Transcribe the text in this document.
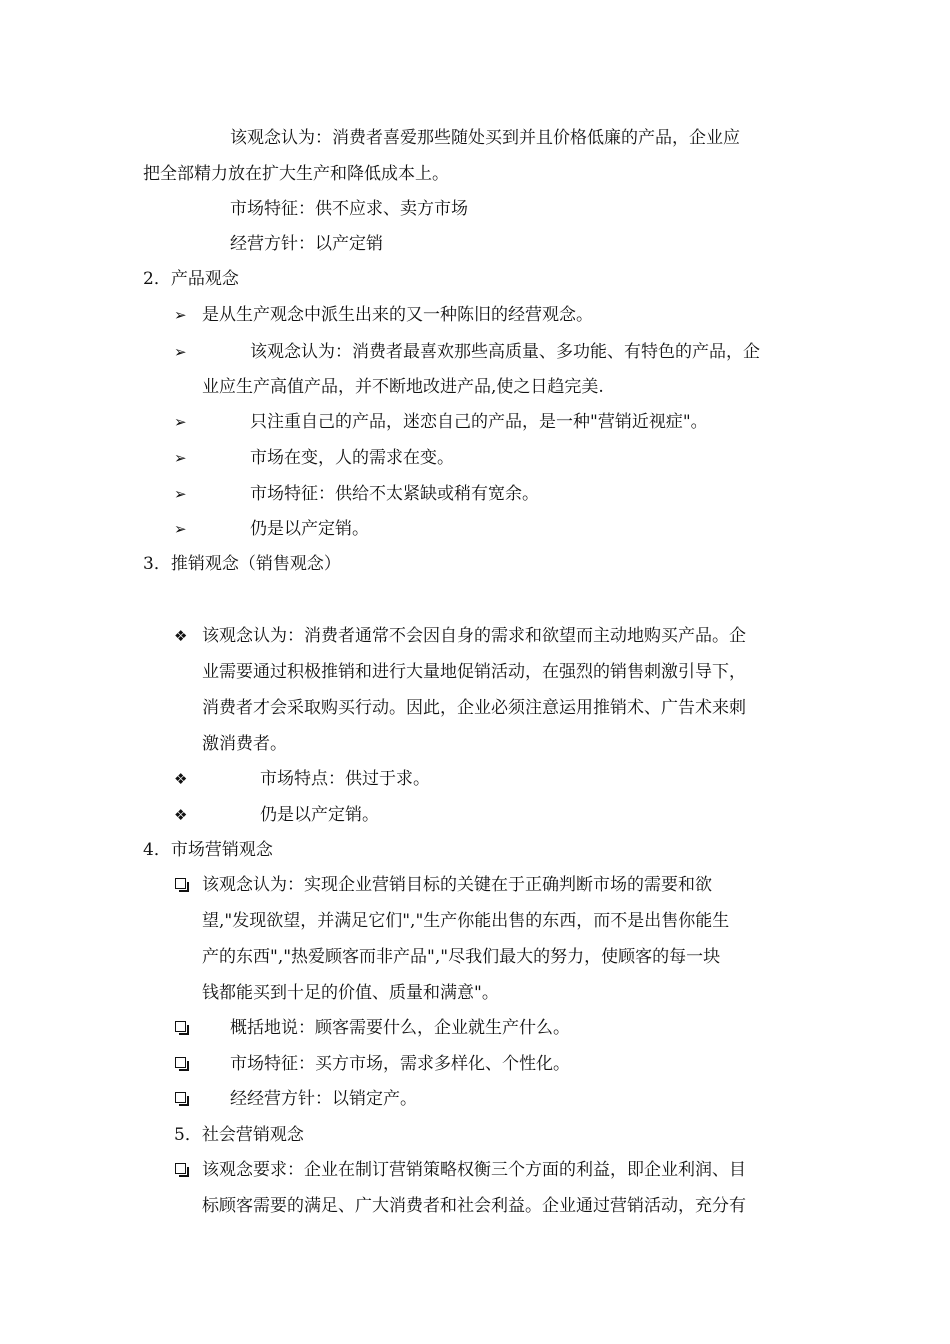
该观念认为：消费者喜爱那些随处买到并且价格低廉的产品，企业应
把全部精力放在扩大生产和降低成本上。
市场特征：供不应求、卖方市场
经营方针：以产定销
2．产品观念
➢ 是从生产观念中派生出来的又一种陈旧的经营观念。
➢	该观念认为：消费者最喜欢那些高质量、多功能、有特色的产品，企
业应生产高值产品，并不断地改进产品,使之日趋完美.
➢	只注重自己的产品，迷恋自己的产品，是一种"营销近视症"。
➢	市场在变，人的需求在变。
➢	市场特征：供给不太紧缺或稍有宽余。
➢	仍是以产定销。
3．推销观念（销售观念）
❖ 该观念认为：消费者通常不会因自身的需求和欲望而主动地购买产品。企
业需要通过积极推销和进行大量地促销活动，在强烈的销售刺激引导下，
消费者才会采取购买行动。因此，企业必须注意运用推销术、广告术来刺
激消费者。
❖	市场特点：供过于求。
❖	仍是以产定销。
4．市场营销观念
该观念认为：实现企业营销目标的关键在于正确判断市场的需要和欲
望,"发现欲望，并满足它们","生产你能出售的东西，而不是出售你能生
产的东西","热爱顾客而非产品","尽我们最大的努力，使顾客的每一块
钱都能买到十足的价值、质量和满意"。
概括地说：顾客需要什么，企业就生产什么。
市场特征：买方市场，需求多样化、个性化。
经经营方针：以销定产。
5．社会营销观念
该观念要求：企业在制订营销策略权衡三个方面的利益，即企业利润、目
标顾客需要的满足、广大消费者和社会利益。企业通过营销活动，充分有
